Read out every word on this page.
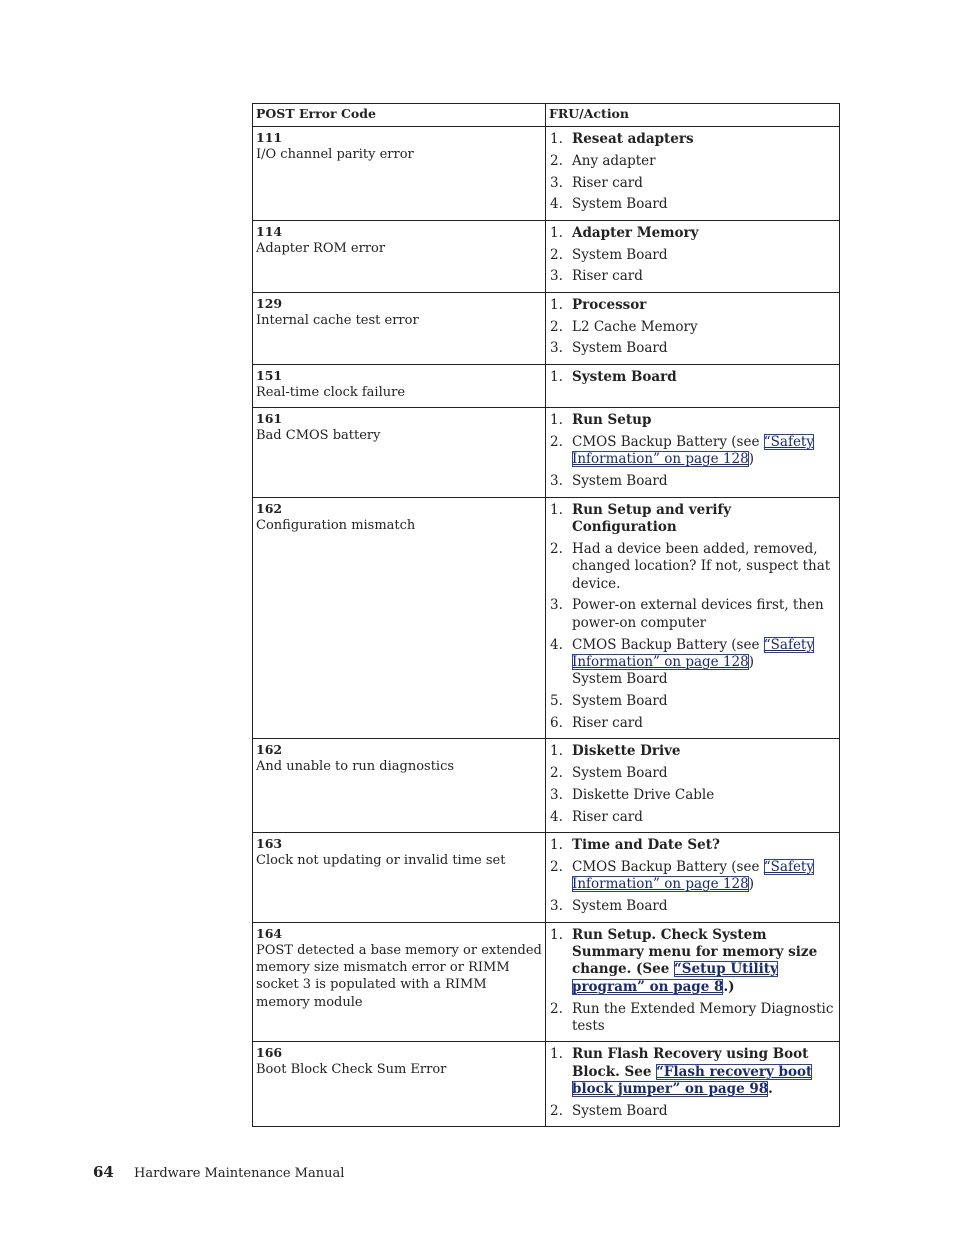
POST Error Code	FRU/Action
111
I/O channel parity error
1. Reseat adapters
2. Any adapter
3. Riser card
4. System Board
114
Adapter ROM error
1. Adapter Memory
2. System Board
3. Riser card
129
Internal cache test error
1. Processor
2. L2 Cache Memory
3. System Board
151
Real-time clock failure
1. System Board
161
Bad CMOS battery
1. Run Setup
2. CMOS Backup Battery (see “Safety Information” on page 128)
3. System Board
162
Configuration mismatch
1. Run Setup and verify Configuration
2. Had a device been added, removed, changed location? If not, suspect that device.
3. Power-on external devices first, then power-on computer
4. CMOS Backup Battery (see “Safety Information” on page 128)
System Board
5. System Board
6. Riser card
162
And unable to run diagnostics
1. Diskette Drive
2. System Board
3. Diskette Drive Cable
4. Riser card
163
Clock not updating or invalid time set
1. Time and Date Set?
2. CMOS Backup Battery (see “Safety Information” on page 128)
3. System Board
164
POST detected a base memory or extended memory size mismatch error or RIMM socket 3 is populated with a RIMM memory module
1. Run Setup. Check System Summary menu for memory size change. (See “Setup Utility program” on page 8.)
2. Run the Extended Memory Diagnostic tests
166
Boot Block Check Sum Error
1. Run Flash Recovery using Boot Block. See “Flash recovery boot block jumper” on page 98.
2. System Board
64 Hardware Maintenance Manual
